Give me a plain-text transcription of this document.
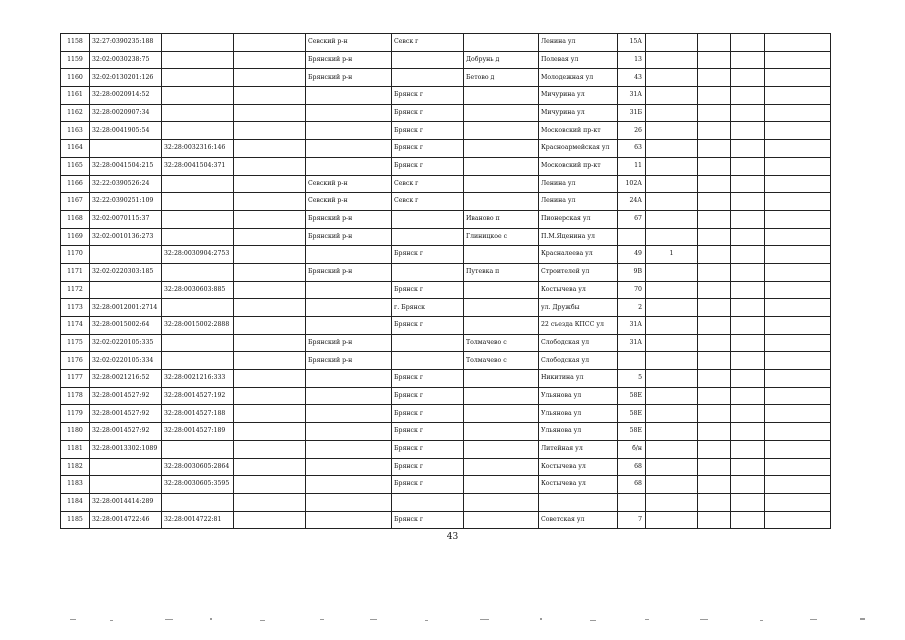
1158	32:27:0390235:188			Севский р-н	Севск г		Ленина ул	15А				
1159	32:02:0030238:75			Брянский р-н		Добрунь д	Полевая ул	13				
1160	32:02:0130201:126			Брянский р-н		Бетово д	Молодежная ул	43				
1161	32:28:0020914:52				Брянск г		Мичурина ул	31А				
1162	32:28:0020907:34				Брянск г		Мичурина ул	31Б				
1163	32:28:0041905:54				Брянск г		Московский пр-кт	26				
1164		32:28:0032316:146			Брянск г		Красноармейская ул	63				
1165	32:28:0041504:215	32:28:0041504:371			Брянск г		Московский пр-кт	11				
1166	32:22:0390526:24			Севский р-н	Севск г		Ленина ул	102А				
1167	32:22:0390251:109			Севский р-н	Севск г		Ленина ул	24А				
1168	32:02:0070115:37			Брянский р-н		Иваново п	Пионерская ул	67				
1169	32:02:0010136:273			Брянский р-н		Глиницкое с	П.М.Яценина ул					
1170		32:28:0030904:2753			Брянск г		Красналеева ул	49	1			
1171	32:02:0220303:185			Брянский р-н		Путевка п	Строителей ул	9В				
1172		32:28:0030603:885			Брянск г		Костычева ул	70				
1173	32:28:0012001:2714				г. Брянск		ул. Дружбы	2				
1174	32:28:0015002:64	32:28:0015002:2888			Брянск г		22 съезда КПСС ул	31А				
1175	32:02:0220105:335			Брянский р-н		Толмачево с	Слободская ул	31А				
1176	32:02:0220105:334			Брянский р-н		Толмачево с	Слободская ул					
1177	32:28:0021216:52	32:28:0021216:333			Брянск г		Никитина ул	5				
1178	32:28:0014527:92	32:28:0014527:192			Брянск г		Ульянова ул	58Е				
1179	32:28:0014527:92	32:28:0014527:188			Брянск г		Ульянова ул	58Е				
1180	32:28:0014527:92	32:28:0014527:189			Брянск г		Ульянова ул	58Е				
1181	32:28:0013302:1089				Брянск г		Литейная ул	б/н				
1182		32:28:0030605:2864			Брянск г		Костычева ул	68				
1183		32:28:0030605:3595			Брянск г		Костычева ул	68				
1184	32:28:0014414:289											
1185	32:28:0014722:46	32:28:0014722:81			Брянск г		Советская ул	7				
43
